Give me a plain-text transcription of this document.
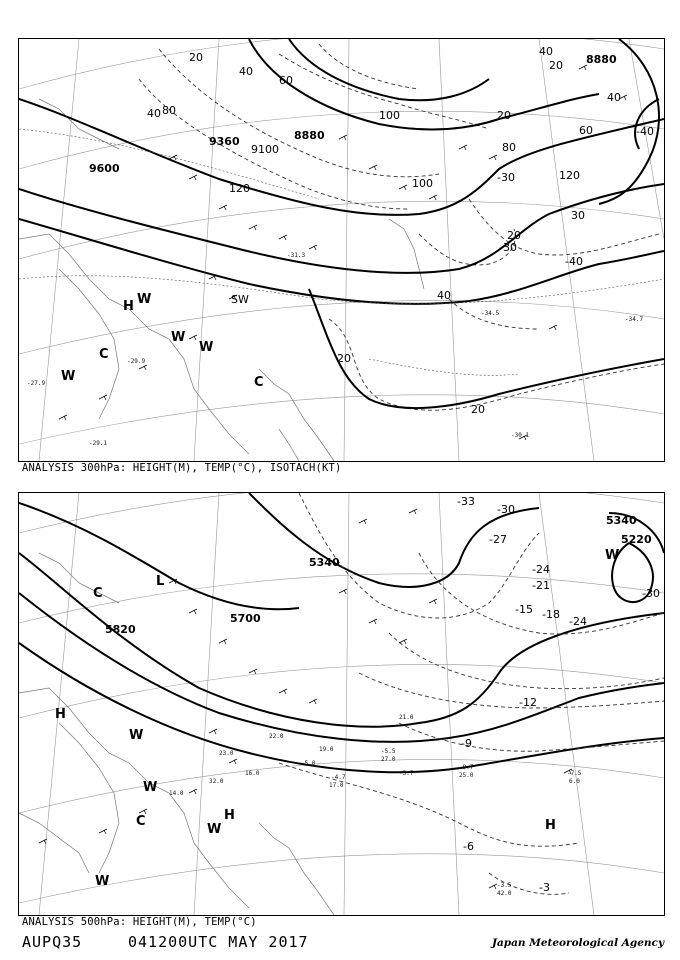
8880
9360
9600
8880
9100
20
40
60
80	100
120
40
20
40
20
40
60
80
100
120
30
20
40
20
20
-40
-30
-40
-30
-30.1
-34.5
-34.7
-31.3
-29.9
-27.9
-29.1
H
C
C
W
W
W
W
SW
ANALYSIS 300hPa: HEIGHT(M), TEMP(°C), ISOTACH(KT)
5820
5700
5340
5220
5340
-33
-30
-24
-21
-18
-15
-12
-9
-6
-3
-27
-30
-24
-7.5
-3.5
6.0
42.0
25.0
27.0
21.0
17.0
14.0
16.0
32.0
23.0
22.0
19.0
-9.7
-5.5
-5.7
-4.7
-5.0
L
H
H
H
C
C
W
W
W
W
W
ANALYSIS 500hPa: HEIGHT(M), TEMP(°C)
AUPQ35	041200UTC MAY 2017	Japan Meteorological Agency
